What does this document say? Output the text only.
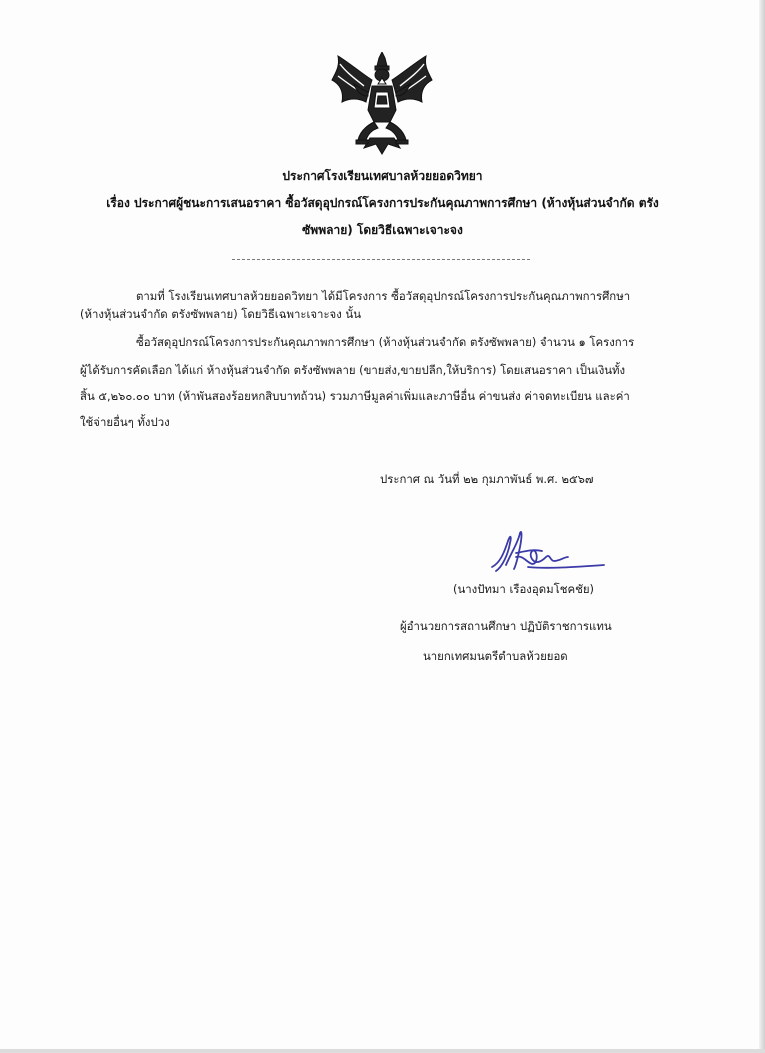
ประกาศโรงเรียนเทศบาลห้วยยอดวิทยา
เรื่อง ประกาศผู้ชนะการเสนอราคา ซื้อวัสดุอุปกรณ์โครงการประกันคุณภาพการศึกษา (ห้างหุ้นส่วนจำกัด ตรัง
ซัพพลาย) โดยวิธีเฉพาะเจาะจง
ตามที่ โรงเรียนเทศบาลห้วยยอดวิทยา ได้มีโครงการ ซื้อวัสดุอุปกรณ์โครงการประกันคุณภาพการศึกษา
(ห้างหุ้นส่วนจำกัด ตรังซัพพลาย) โดยวิธีเฉพาะเจาะจง นั้น
ซื้อวัสดุอุปกรณ์โครงการประกันคุณภาพการศึกษา (ห้างหุ้นส่วนจำกัด ตรังซัพพลาย) จำนวน ๑ โครงการ
ผู้ได้รับการคัดเลือก ได้แก่ ห้างหุ้นส่วนจำกัด ตรังซัพพลาย (ขายส่ง,ขายปลีก,ให้บริการ) โดยเสนอราคา เป็นเงินทั้ง
สิ้น ๕,๒๖๐.๐๐ บาท (ห้าพันสองร้อยหกสิบบาทถ้วน) รวมภาษีมูลค่าเพิ่มและภาษีอื่น ค่าขนส่ง ค่าจดทะเบียน และค่า
ใช้จ่ายอื่นๆ ทั้งปวง
ประกาศ ณ วันที่ ๒๒ กุมภาพันธ์ พ.ศ. ๒๕๖๗
(นางปัทมา เรืองอุดมโชคชัย)
ผู้อำนวยการสถานศึกษา ปฏิบัติราชการแทน
นายกเทศมนตรีตำบลห้วยยอด
